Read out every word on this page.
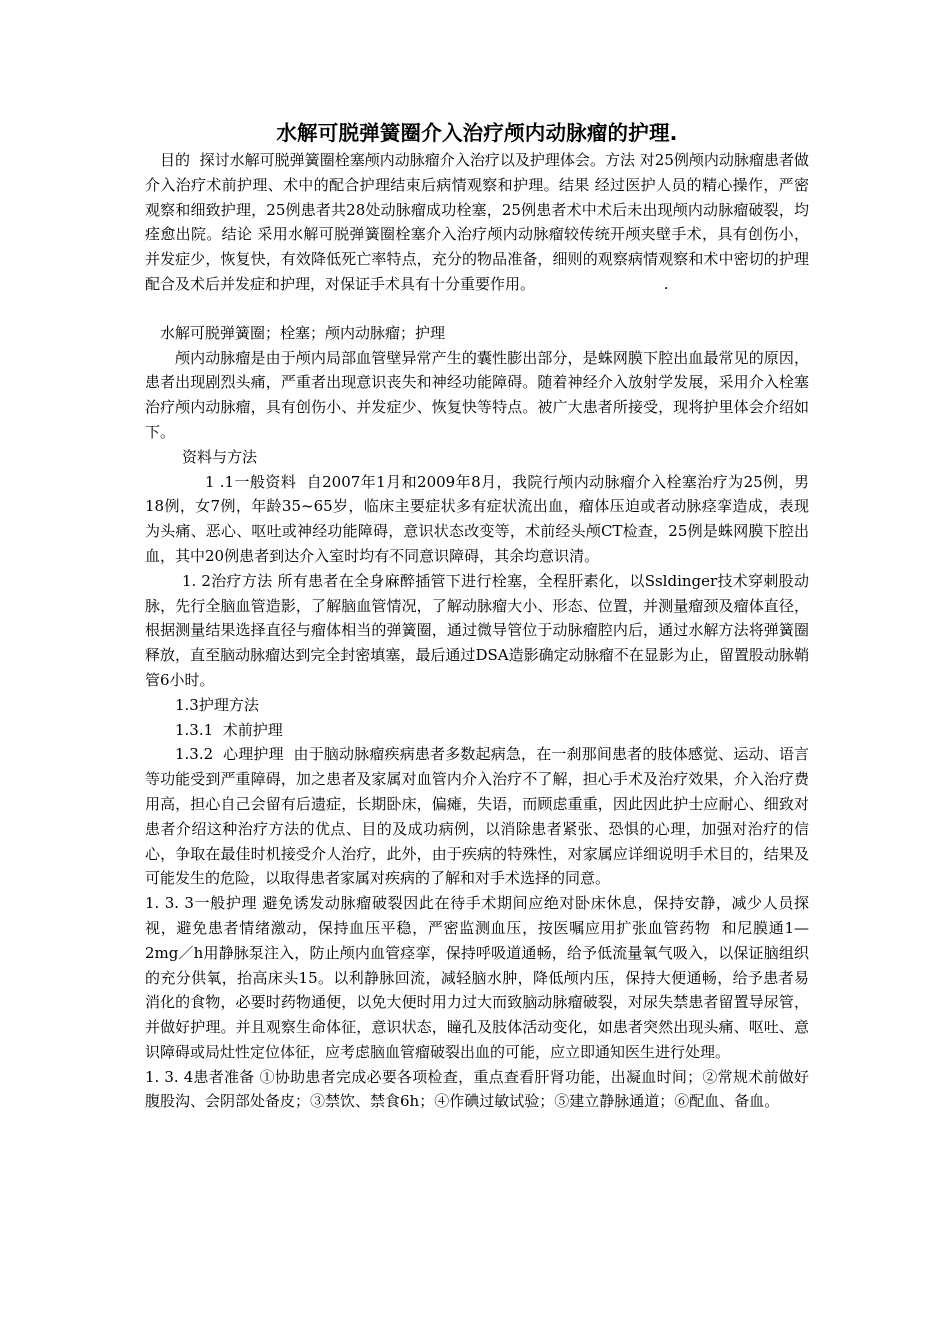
水解可脱弹簧圈介入治疗颅内动脉瘤的护理.

目的  探讨水解可脱弹簧圈栓塞颅内动脉瘤介入治疗以及护理体会。方法 对25例颅内动脉瘤患者做介入治疗术前护理、术中的配合护理结束后病情观察和护理。结果 经过医护人员的精心操作，严密观察和细致护理，25例患者共28处动脉瘤成功栓塞，25例患者术中术后未出现颅内动脉瘤破裂，均痊愈出院。结论 采用水解可脱弹簧圈栓塞介入治疗颅内动脉瘤较传统开颅夹壁手术，具有创伤小，并发症少，恢复快，有效降低死亡率特点，充分的物品准备，细则的观察病情观察和术中密切的护理配合及术后并发症和护理，对保证手术具有十分重要作用。                           .

水解可脱弹簧圈；栓塞；颅内动脉瘤；护理

颅内动脉瘤是由于颅内局部血管壁异常产生的囊性膨出部分，是蛛网膜下腔出血最常见的原因，患者出现剧烈头痛，严重者出现意识丧失和神经功能障碍。随着神经介入放射学发展，采用介入栓塞治疗颅内动脉瘤，具有创伤小、并发症少、恢复快等特点。被广大患者所接受，现将护里体会介绍如下。

资料与方法

1 .1一般资料  自2007年1月和2009年8月，我院行颅内动脉瘤介入栓塞治疗为25例，男18例，女7例，年龄35~65岁，临床主要症状多有症状流出血，瘤体压迫或者动脉痉挛造成，表现为头痛、恶心、呕吐或神经功能障碍，意识状态改变等，术前经头颅CT检查，25例是蛛网膜下腔出血，其中20例患者到达介入室时均有不同意识障碍，其余均意识清。

1. 2治疗方法 所有患者在全身麻醉插管下进行栓塞，全程肝素化，以Ssldinger技术穿刺股动脉，先行全脑血管造影，了解脑血管情况，了解动脉瘤大小、形态、位置，并测量瘤颈及瘤体直径，根据测量结果选择直径与瘤体相当的弹簧圈，通过微导管位于动脉瘤腔内后，通过水解方法将弹簧圈释放，直至脑动脉瘤达到完全封密填塞，最后通过DSA造影确定动脉瘤不在显影为止，留置股动脉鞘管6小时。

1.3护理方法

1.3.1  术前护理

1.3.2  心理护理  由于脑动脉瘤疾病患者多数起病急，在一刹那间患者的肢体感觉、运动、语言等功能受到严重障碍，加之患者及家属对血管内介入治疗不了解，担心手术及治疗效果，介入治疗费用高，担心自己会留有后遗症，长期卧床，偏瘫，失语，而顾虑重重，因此因此护士应耐心、细致对患者介绍这种治疗方法的优点、目的及成功病例，以消除患者紧张、恐惧的心理，加强对治疗的信心，争取在最佳时机接受介人治疗，此外，由于疾病的特殊性，对家属应详细说明手术目的，结果及可能发生的危险，以取得患者家属对疾病的了解和对手术选择的同意。

1. 3. 3一般护理 避免诱发动脉瘤破裂因此在待手术期间应绝对卧床休息，保持安静，减少人员探视，避免患者情绪激动，保持血压平稳，严密监测血压，按医嘱应用扩张血管药物  和尼膜通1—2mg／h用静脉泵注入，防止颅内血管痉挛，保持呼吸道通畅，给予低流量氧气吸入，以保证脑组织的充分供氧，抬高床头15。以利静脉回流，减轻脑水肿，降低颅内压，保持大便通畅，给予患者易消化的食物，必要时药物通便，以免大便时用力过大而致脑动脉瘤破裂，对尿失禁患者留置导尿管，并做好护理。并且观察生命体征，意识状态，瞳孔及肢体活动变化，如患者突然出现头痛、呕吐、意识障碍或局灶性定位体征，应考虑脑血管瘤破裂出血的可能，应立即通知医生进行处理。

1. 3. 4患者准备 ①协助患者完成必要各项检查，重点查看肝肾功能，出凝血时间；②常规术前做好腹股沟、会阴部处备皮；③禁饮、禁食6h；④作碘过敏试验；⑤建立静脉通道；⑥配血、备血。
